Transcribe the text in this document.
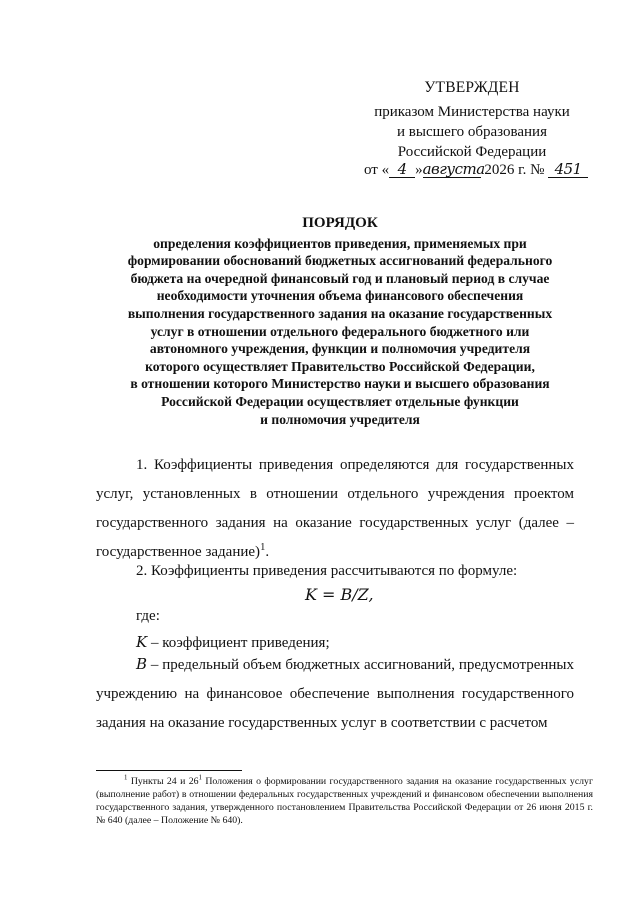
УТВЕРЖДЕН
приказом Министерства науки
и высшего образования
Российской Федерации
от « 4 »августа 2026 г. № 451
ПОРЯДОК
определения коэффициентов приведения, применяемых при
формировании обоснований бюджетных ассигнований федерального
бюджета на очередной финансовый год и плановый период в случае
необходимости уточнения объема финансового обеспечения
выполнения государственного задания на оказание государственных
услуг в отношении отдельного федерального бюджетного или
автономного учреждения, функции и полномочия учредителя
которого осуществляет Правительство Российской Федерации,
в отношении которого Министерство науки и высшего образования
Российской Федерации осуществляет отдельные функции
и полномочия учредителя

1. Коэффициенты приведения определяются для государственных услуг, установленных в отношении отдельного учреждения проектом государственного задания на оказание государственных услуг (далее – государственное задание)$^1$.

2. Коэффициенты приведения рассчитываются по формуле:

K = B/Z,
где:
K – коэффициент приведения;

B – предельный объем бюджетных ассигнований, предусмотренных учреждению на финансовое обеспечение выполнения государственного задания на оказание государственных услуг в соответствии с расчетом

$^1$ Пункты 24 и $26^1$ Положения о формировании государственного задания на оказание государственных услуг (выполнение работ) в отношении федеральных государственных учреждений и финансовом обеспечении выполнения государственного задания, утвержденного постановлением Правительства Российской Федерации от 26 июня 2015 г. № 640 (далее – Положение № 640).
